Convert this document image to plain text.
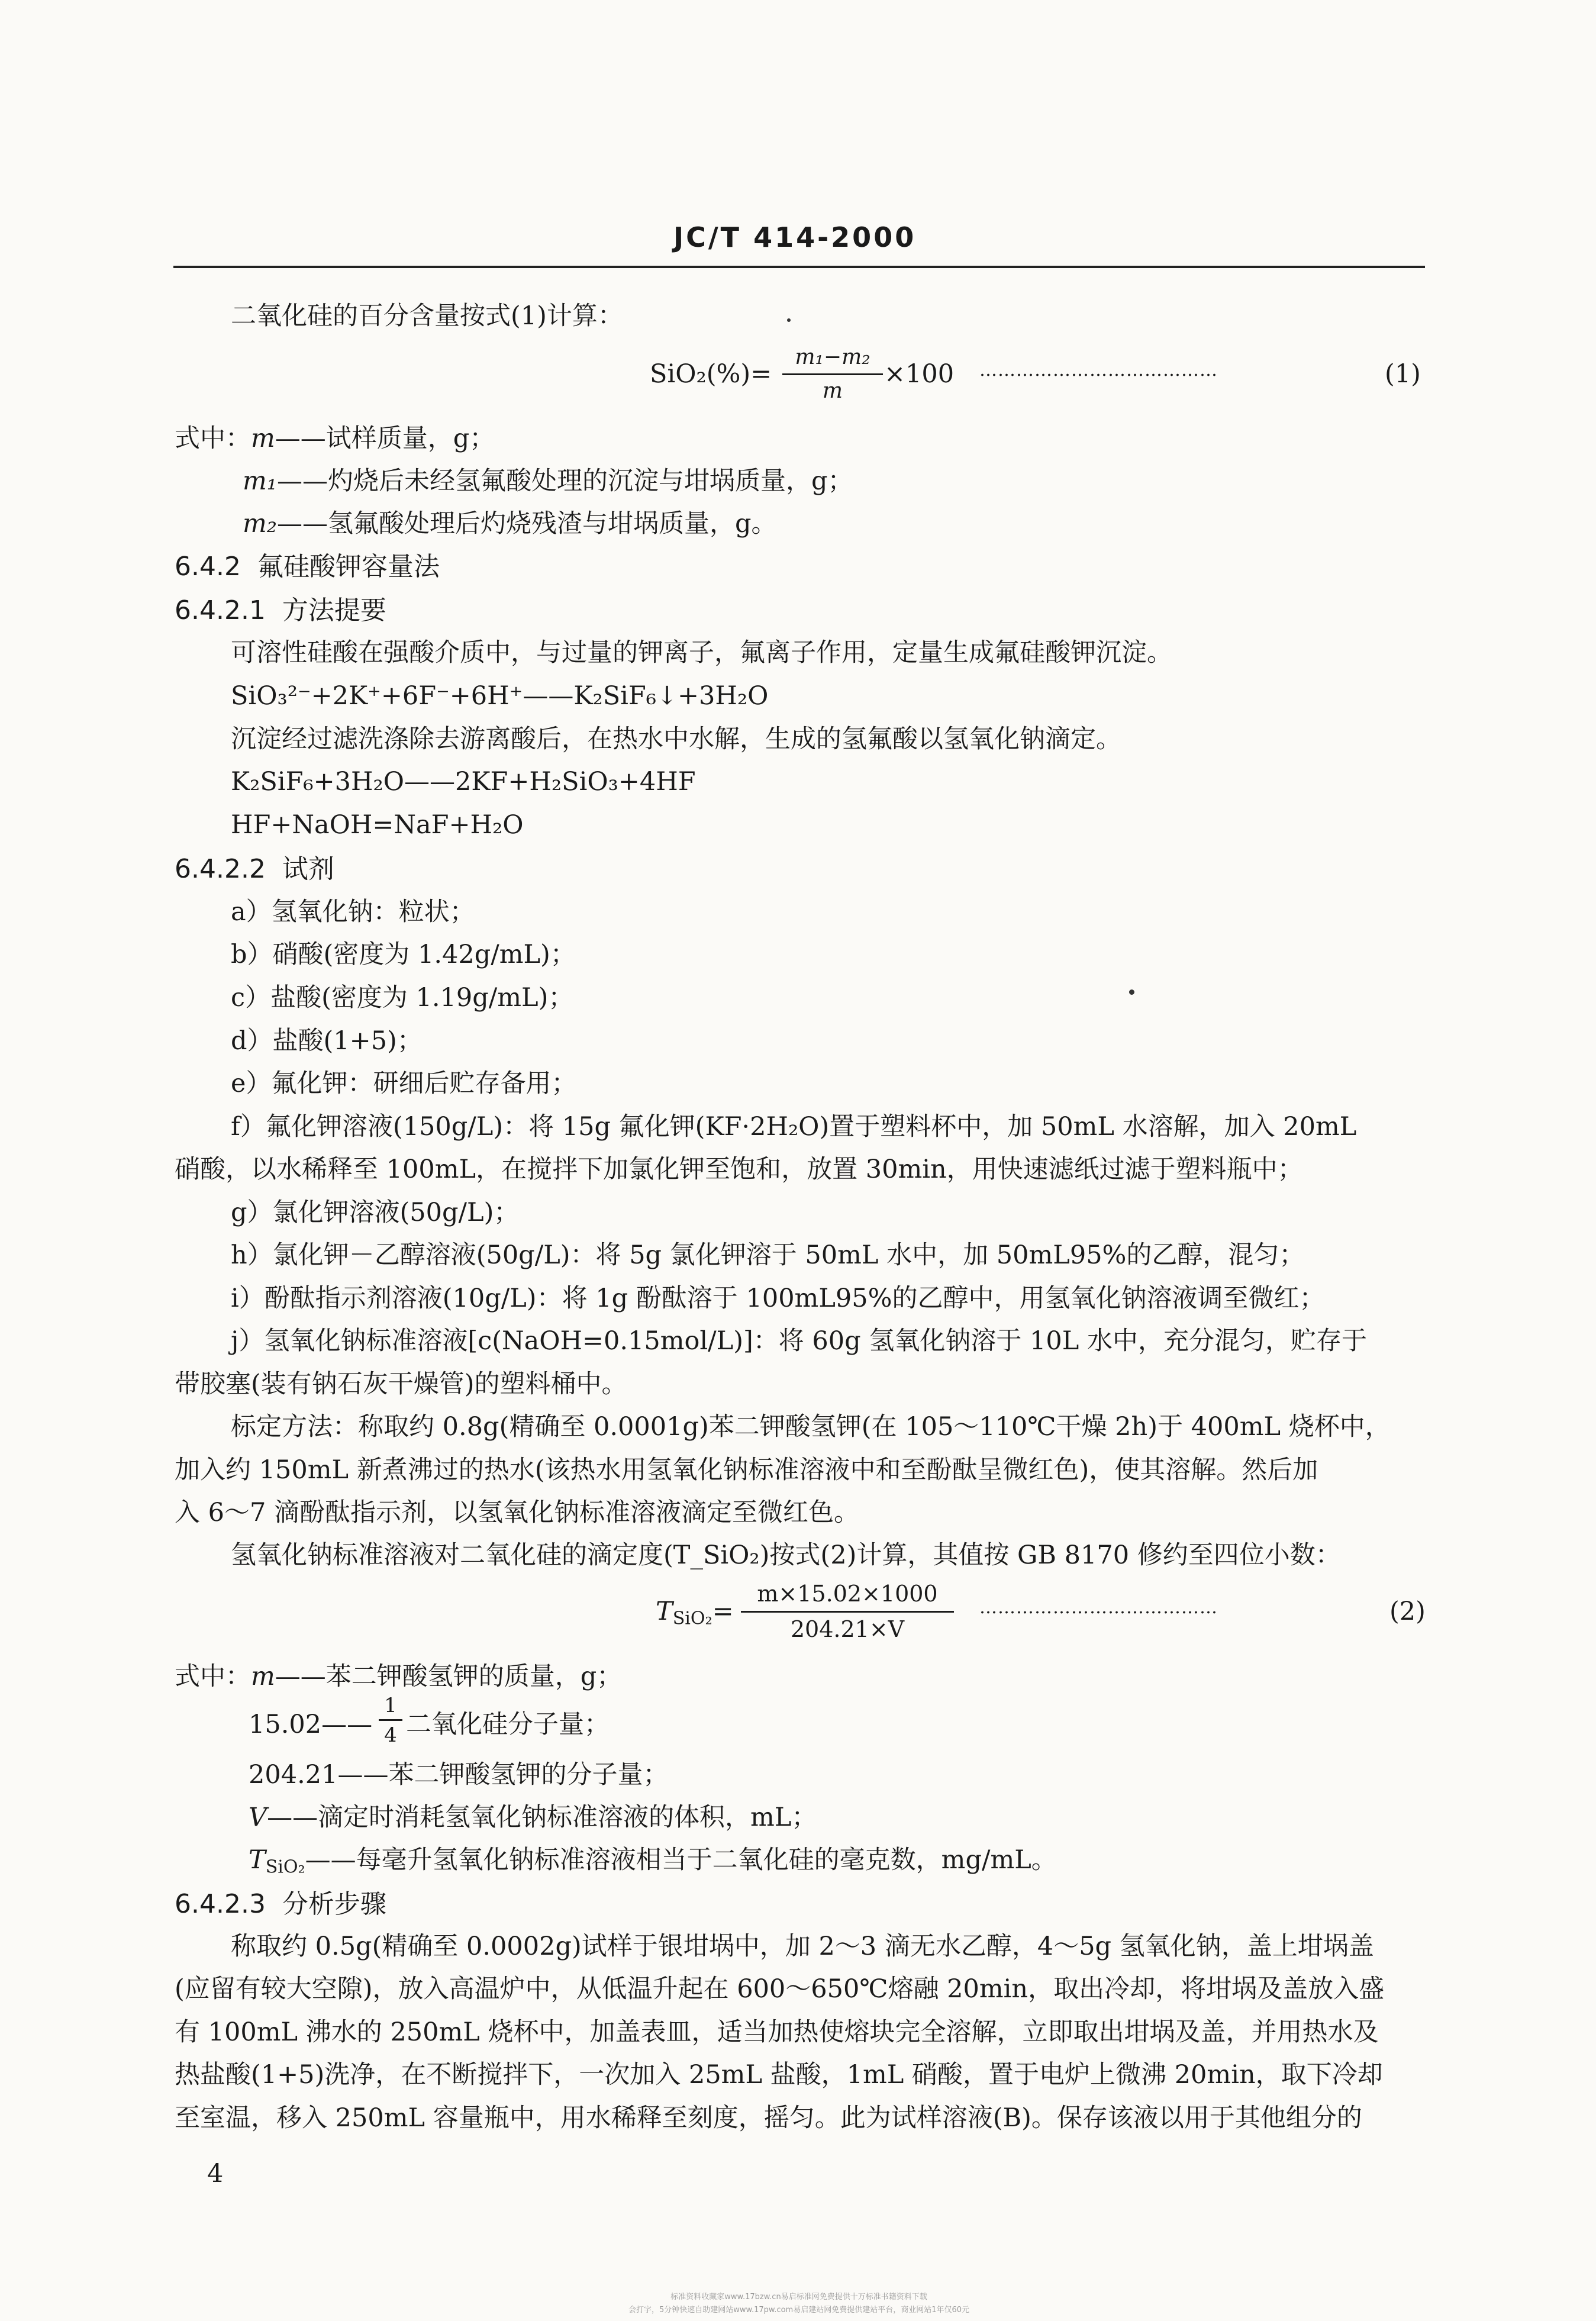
JC/T 414-2000
二氧化硅的百分含量按式(1)计算：
SiO₂(%)=
m₁−m₂
m
×100 …………………………………	(1)
式中：m——试样质量，g；
m₁——灼烧后未经氢氟酸处理的沉淀与坩埚质量，g；
m₂——氢氟酸处理后灼烧残渣与坩埚质量，g。
6.4.2 氟硅酸钾容量法
6.4.2.1 方法提要
可溶性硅酸在强酸介质中，与过量的钾离子，氟离子作用，定量生成氟硅酸钾沉淀。
SiO₃²⁻+2K⁺+6F⁻+6H⁺——K₂SiF₆↓+3H₂O
沉淀经过滤洗涤除去游离酸后，在热水中水解，生成的氢氟酸以氢氧化钠滴定。
K₂SiF₆+3H₂O——2KF+H₂SiO₃+4HF
HF+NaOH=NaF+H₂O
6.4.2.2 试剂
a）氢氧化钠：粒状；
b）硝酸(密度为 1.42g/mL)；
c）盐酸(密度为 1.19g/mL)；
d）盐酸(1+5)；
e）氟化钾：研细后贮存备用；
f）氟化钾溶液(150g/L)：将 15g 氟化钾(KF·2H₂O)置于塑料杯中，加 50mL 水溶解，加入 20mL
硝酸，以水稀释至 100mL，在搅拌下加氯化钾至饱和，放置 30min，用快速滤纸过滤于塑料瓶中；
g）氯化钾溶液(50g/L)；
h）氯化钾－乙醇溶液(50g/L)：将 5g 氯化钾溶于 50mL 水中，加 50mL95%的乙醇，混匀；
i）酚酞指示剂溶液(10g/L)：将 1g 酚酞溶于 100mL95%的乙醇中，用氢氧化钠溶液调至微红；
j）氢氧化钠标准溶液[c(NaOH=0.15mol/L)]：将 60g 氢氧化钠溶于 10L 水中，充分混匀，贮存于
带胶塞(装有钠石灰干燥管)的塑料桶中。
标定方法：称取约 0.8g(精确至 0.0001g)苯二钾酸氢钾(在 105～110℃干燥 2h)于 400mL 烧杯中，
加入约 150mL 新煮沸过的热水(该热水用氢氧化钠标准溶液中和至酚酞呈微红色)，使其溶解。然后加
入 6～7 滴酚酞指示剂，以氢氧化钠标准溶液滴定至微红色。
氢氧化钠标准溶液对二氧化硅的滴定度(T_SiO₂)按式(2)计算，其值按 GB 8170 修约至四位小数：
$T_{SiO_2}=$
m×15.02×1000
204.21×V
…………………………………	(2)
式中：m——苯二钾酸氢钾的质量，g；
15.02——
1
4 二氧化硅分子量；
204.21——苯二钾酸氢钾的分子量；
V——滴定时消耗氢氧化钠标准溶液的体积，mL；
$T_{SiO_2}——$每毫升氢氧化钠标准溶液相当于二氧化硅的毫克数，mg/mL。
6.4.2.3 分析步骤
称取约 0.5g(精确至 0.0002g)试样于银坩埚中，加 2～3 滴无水乙醇，4～5g 氢氧化钠，盖上坩埚盖
(应留有较大空隙)，放入高温炉中，从低温升起在 600～650℃熔融 20min，取出冷却，将坩埚及盖放入盛
有 100mL 沸水的 250mL 烧杯中，加盖表皿，适当加热使熔块完全溶解，立即取出坩埚及盖，并用热水及
热盐酸(1+5)洗净，在不断搅拌下，一次加入 25mL 盐酸，1mL 硝酸，置于电炉上微沸 20min，取下冷却
至室温，移入 250mL 容量瓶中，用水稀释至刻度，摇匀。此为试样溶液(B)。保存该液以用于其他组分的
4
标准资料收藏家www.17bzw.cn易启标准网免费提供十万标准书籍资料下载
会打字，5分钟快速自助建网站www.17pw.com易启建站网免费提供建站平台，商业网站1年仅60元
